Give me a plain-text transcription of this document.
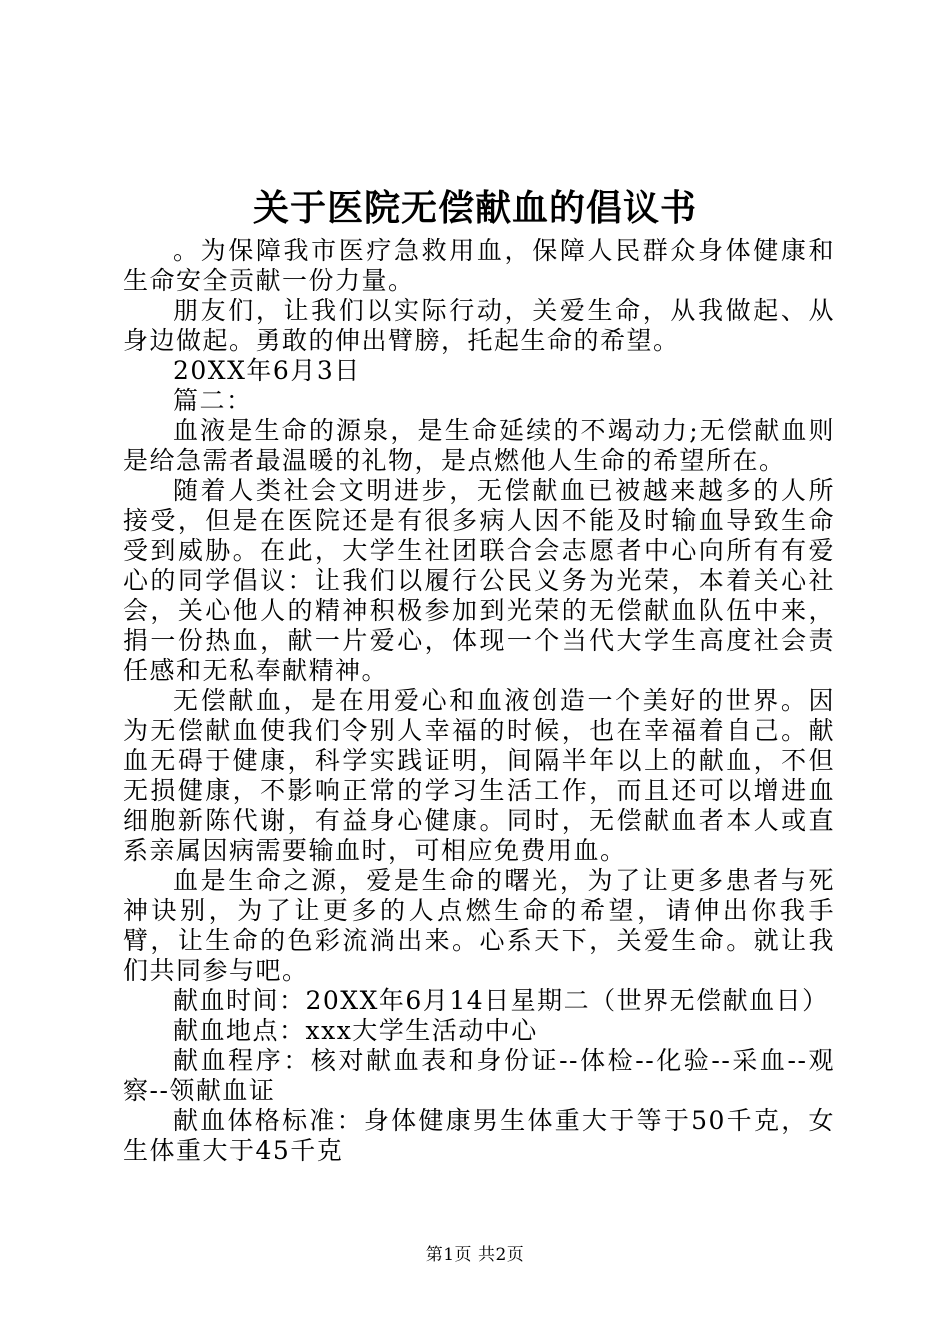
关于医院无偿献血的倡议书

。为保障我市医疗急救用血，保障人民群众身体健康和生命安全贡献一份力量。

朋友们，让我们以实际行动，关爱生命，从我做起、从身边做起。勇敢的伸出臂膀，托起生命的希望。

20XX年6月3日

篇二：

血液是生命的源泉，是生命延续的不竭动力;无偿献血则是给急需者最温暖的礼物，是点燃他人生命的希望所在。

随着人类社会文明进步，无偿献血已被越来越多的人所接受，但是在医院还是有很多病人因不能及时输血导致生命受到威胁。在此，大学生社团联合会志愿者中心向所有有爱心的同学倡议：让我们以履行公民义务为光荣，本着关心社会，关心他人的精神积极参加到光荣的无偿献血队伍中来，捐一份热血，献一片爱心，体现一个当代大学生高度社会责任感和无私奉献精神。

无偿献血，是在用爱心和血液创造一个美好的世界。因为无偿献血使我们令别人幸福的时候，也在幸福着自己。献血无碍于健康，科学实践证明，间隔半年以上的献血，不但无损健康，不影响正常的学习生活工作，而且还可以增进血细胞新陈代谢，有益身心健康。同时，无偿献血者本人或直系亲属因病需要输血时，可相应免费用血。

血是生命之源，爱是生命的曙光，为了让更多患者与死神诀别，为了让更多的人点燃生命的希望，请伸出你我手臂，让生命的色彩流淌出来。心系天下，关爱生命。就让我们共同参与吧。

献血时间：20XX年6月14日星期二（世界无偿献血日）

献血地点：xxx大学生活动中心

献血程序：核对献血表和身份证--体检--化验--采血--观察--领献血证

献血体格标准：身体健康男生体重大于等于50千克，女生体重大于45千克

第1页 共2页
